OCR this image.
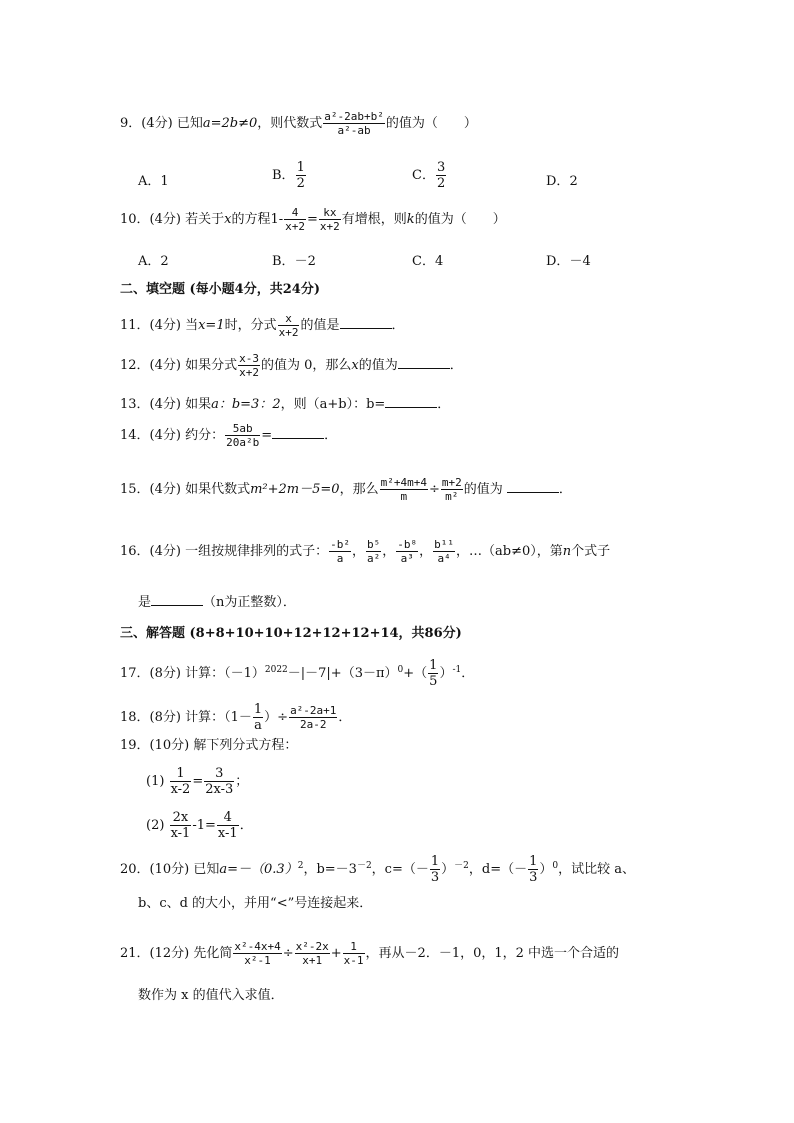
9．(4分) 已知a=2b≠0，则代数式 $\frac{\text{a²-2ab+b²}}{\text{a²-ab}}$ 的值为（　　）
A．1	B． $\frac{1}{2}$	C． $\frac{3}{2}$	D．2
10．(4分) 若关于x的方程$1- \frac{4}{x+2} = \frac{kx}{x+2}$ 有增根，则k的值为（　　）
A．2	B．－2	C．4	D．－4
二、填空题 (每小题4分，共24分)
11．(4分) 当x=1时，分式 $\frac{x}{x+2}$ 的值是	．
12．(4分) 如果分式 $\frac{x-3}{x+2}$ 的值为 0，那么x的值为	．
13．(4分) 如果a：b=3：2，则（a+b）：b=	．
14．(4分) 约分： $\frac{5ab}{\text{20a²b}}$ =	．
15．(4分) 如果代数式m²+2m－5=0，那么 $\frac{\text{m²+4m+4}}{m} \div \frac{m+2}{\text{m²}}$ 的值为	．
16．(4分) 一组按规律排列的式子： $\frac{\text{-b²}}{a}$ ， $\frac{\text{b⁵}}{\text{a²}}$ ， $\frac{\text{-b⁸}}{\text{a³}}$ ， $\frac{\text{b¹¹}}{\text{a⁴}}$ ，…（ab≠0），第n个式子
是	（n为正整数）．
三、解答题 (8+8+10+10+12+12+12+14，共86分)
17．(8分) 计算：$(-1)^{2022}-|-7|+(3-\pi)^0+( \frac{1}{5} )^{-1}$．
18．(8分) 计算：（$1- \frac{1}{a}$ ）÷ $\frac{\text{a²-2a+1}}{2a-2}$ ．
19．(10分) 解下列分式方程：
$(1) \frac{1}{x-2} = \frac{3}{2x-3}$ ；
$(2) \frac{2x}{x-1} -1= \frac{4}{x-1}$ ．
20．(10分) 已知$a=-(0.3)^2$，$b=-3^{-2}$，$c=(- \frac{1}{3} )^{-2}$，$d=(- \frac{1}{3} )^0$，试比较 a、
b、c、d 的大小，并用“<”号连接起来．
21．(12分) 先化简 $\frac{\text{x²-4x+4}}{\text{x²-1}} \div \frac{\text{x²-2x}}{x+1} + \frac{1}{x-1}$ ，再从－2．－1，0，1，2 中选一个合适的
数作为 x 的值代入求值．
